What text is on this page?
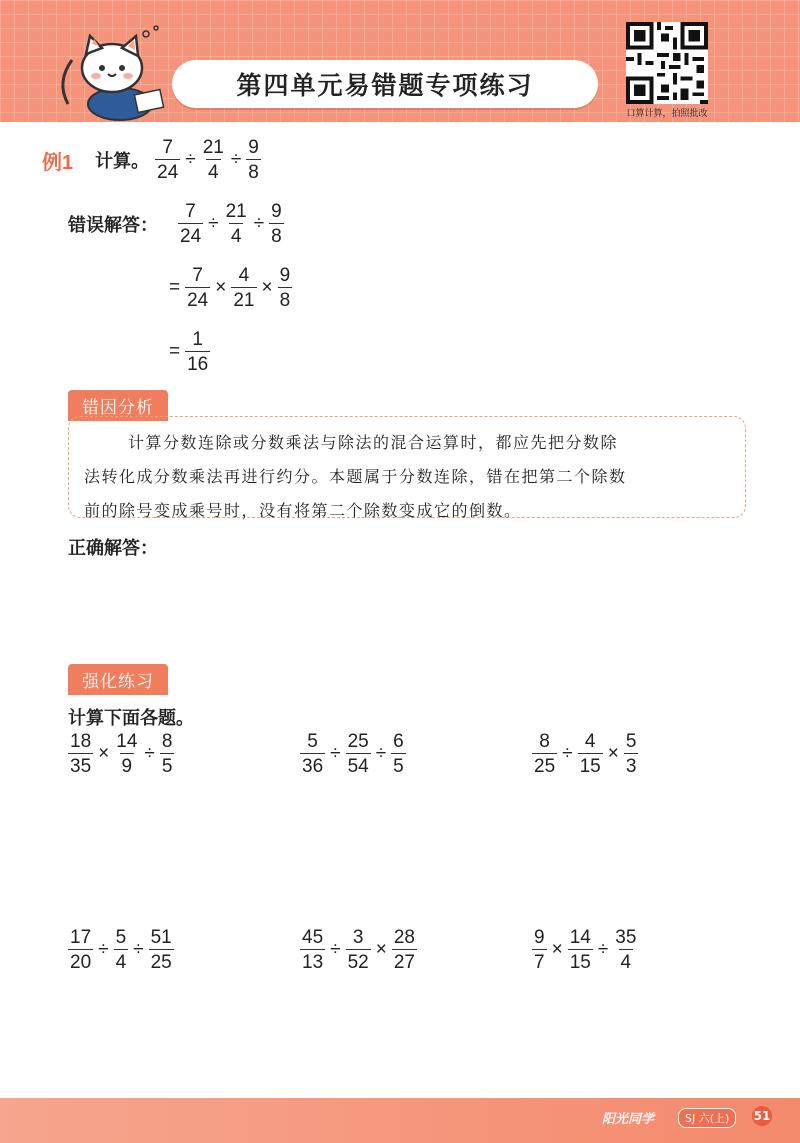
第四单元易错题专项练习
口算计算，拍照批改
例1 计算。 $\frac{7}{24} \div \frac{21}{4} \div \frac{9}{8}$
错误解答： $\frac{7}{24} \div \frac{21}{4} \div \frac{9}{8}$
= $\frac{7}{24} \times \frac{4}{21} \times \frac{9}{8}$
= $\frac{1}{16}$
错因分析
计算分数连除或分数乘法与除法的混合运算时，都应先把分数除
法转化成分数乘法再进行约分。本题属于分数连除，错在把第二个除数
前的除号变成乘号时，没有将第二个除数变成它的倒数。
正确解答：
强化练习
计算下面各题。
$\frac{18}{35} \times \frac{14}{9} \div \frac{8}{5}$	$\frac{5}{36} \div \frac{25}{54} \div \frac{6}{5}$	$\frac{8}{25} \div \frac{4}{15} \times \frac{5}{3}$
$\frac{17}{20} \div \frac{5}{4} \div \frac{51}{25}$	$\frac{45}{13} \div \frac{3}{52} \times \frac{28}{27}$	$\frac{9}{7} \times \frac{14}{15} \div \frac{35}{4}$
阳光同学	SJ 六(上)	51
